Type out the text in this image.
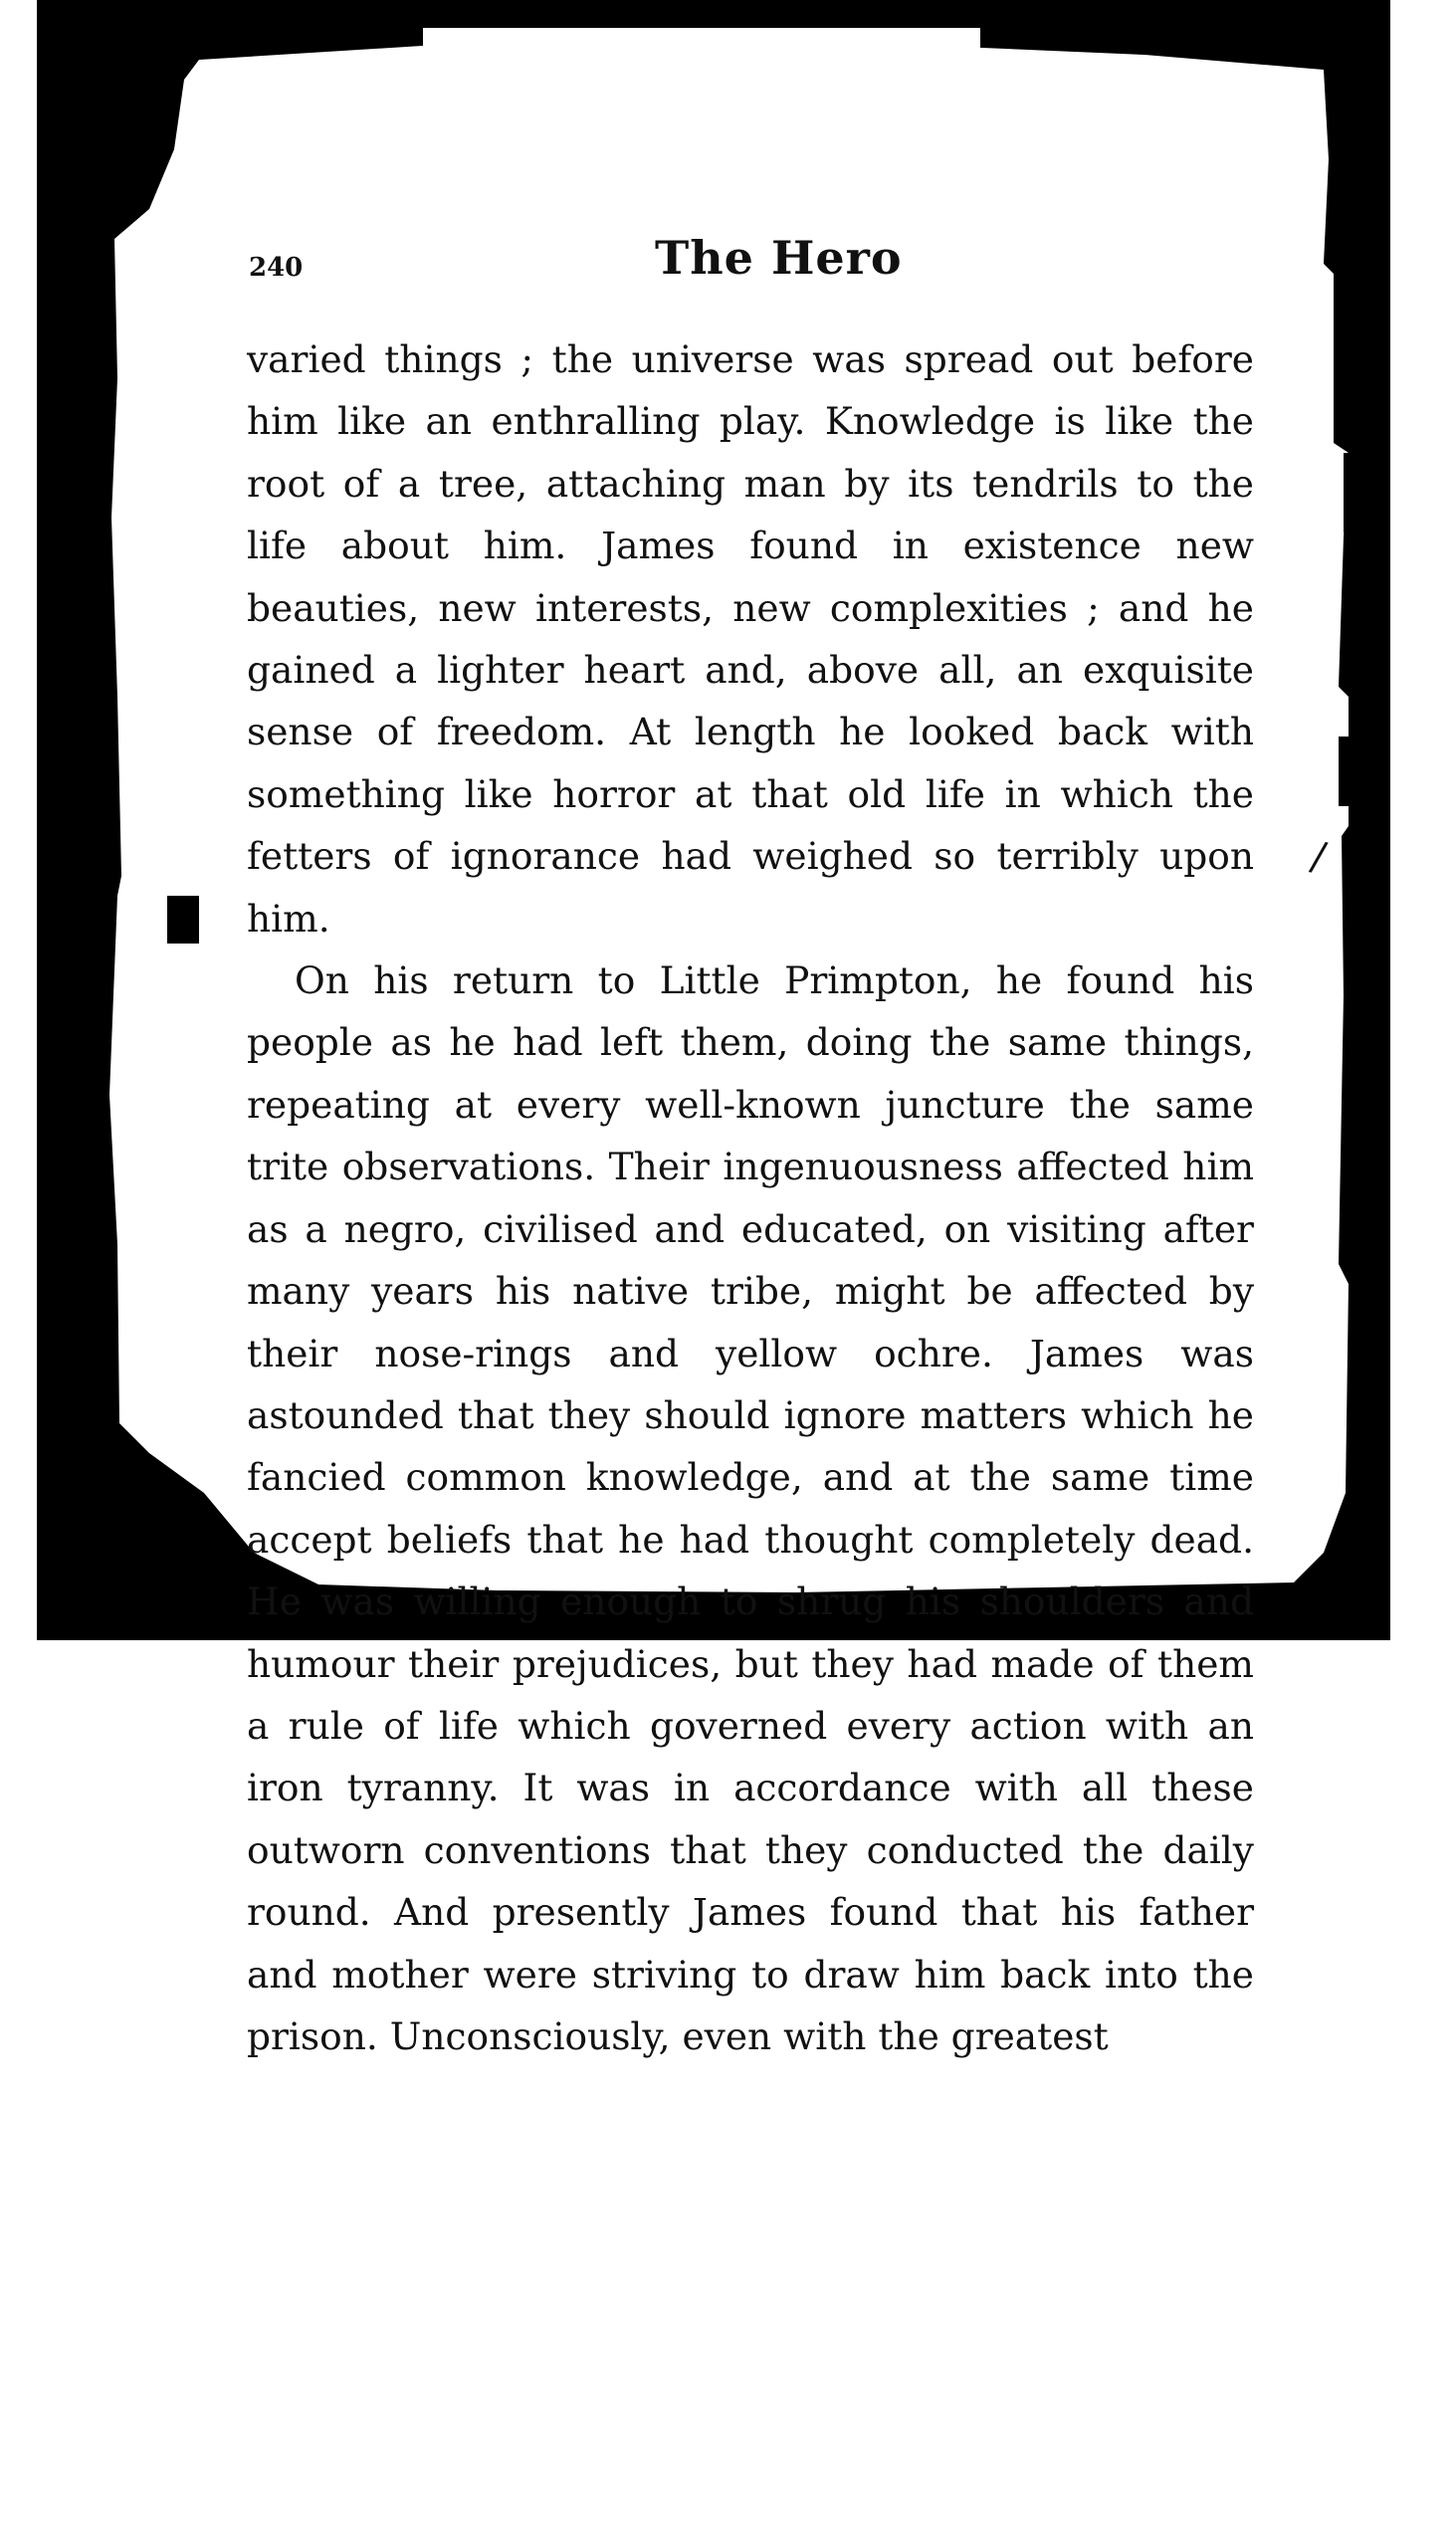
240	The Hero

varied things ; the universe was spread out before him like an enthralling play. Knowledge is like the root of a tree, attaching man by its tendrils to the life about him. James found in existence new beauties, new interests, new complexities ; and he gained a lighter heart and, above all, an exquisite sense of freedom. At length he looked back with something like horror at that old life in which the fetters of ignorance had weighed so terribly upon him.

On his return to Little Primpton, he found his people as he had left them, doing the same things, repeating at every well-known juncture the same trite observations. Their ingenuousness affected him as a negro, civilised and educated, on visiting after many years his native tribe, might be affected by their nose-rings and yellow ochre. James was astounded that they should ignore matters which he fancied common knowledge, and at the same time accept beliefs that he had thought completely dead. He was willing enough to shrug his shoulders and humour their prejudices, but they had made of them a rule of life which governed every action with an iron tyranny. It was in accordance with all these outworn conventions that they conducted the daily round. And presently James found that his father and mother were striving to draw him back into the prison. Unconsciously, even with the greatest

/
